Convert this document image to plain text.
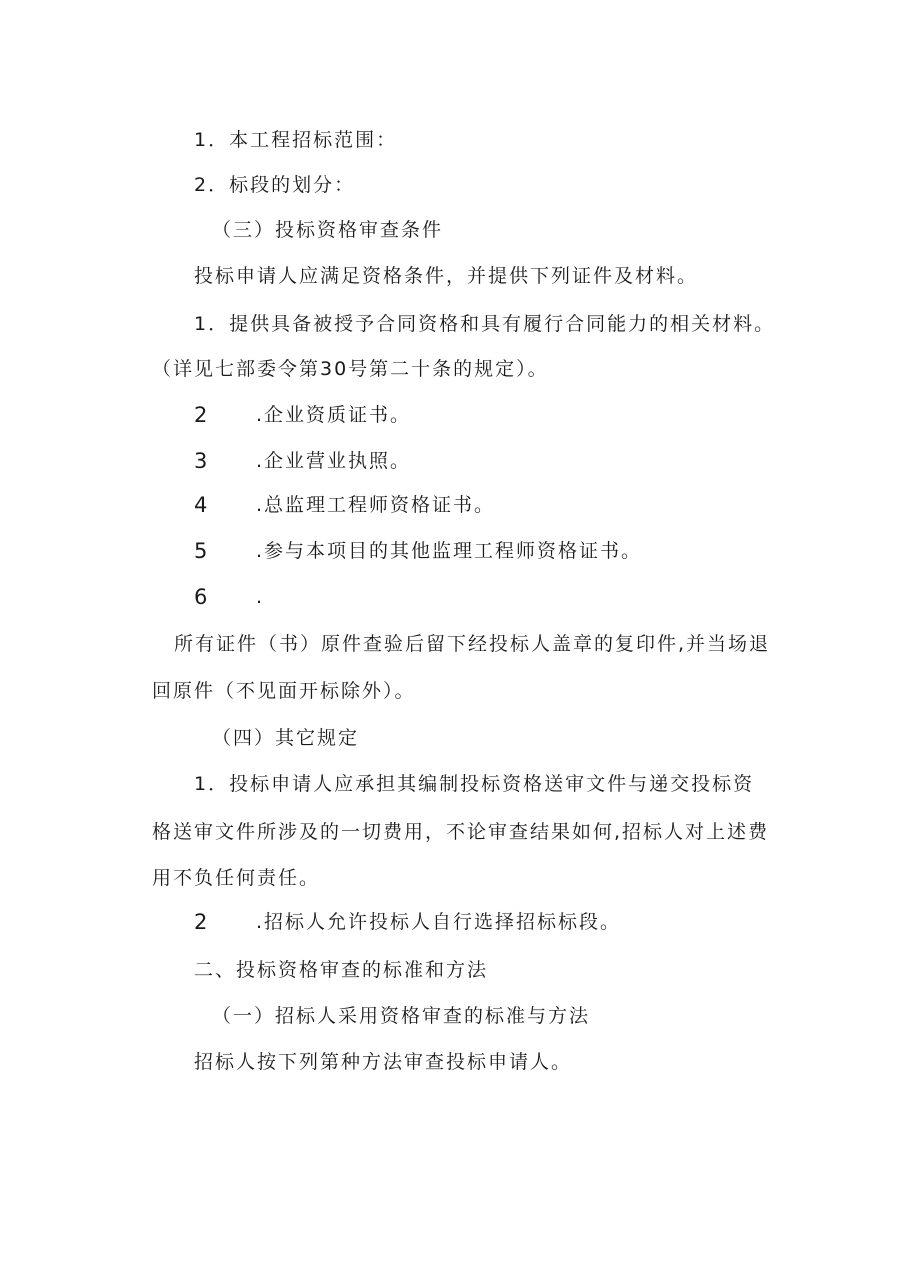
1．本工程招标范围：
2．标段的划分：
（三）投标资格审查条件
投标申请人应满足资格条件，并提供下列证件及材料。
1．提供具备被授予合同资格和具有履行合同能力的相关材料。
（详见七部委令第30号第二十条的规定）。
2	.企业资质证书。
3	.企业营业执照。
4	.总监理工程师资格证书。
5	.参与本项目的其他监理工程师资格证书。
6	.
所有证件（书）原件查验后留下经投标人盖章的复印件,并当场退
回原件（不见面开标除外）。
（四）其它规定
1．投标申请人应承担其编制投标资格送审文件与递交投标资
格送审文件所涉及的一切费用，不论审查结果如何,招标人对上述费
用不负任何责任。
2	.招标人允许投标人自行选择招标标段。
二、投标资格审查的标准和方法
（一）招标人采用资格审查的标准与方法
招标人按下列第种方法审查投标申请人。
